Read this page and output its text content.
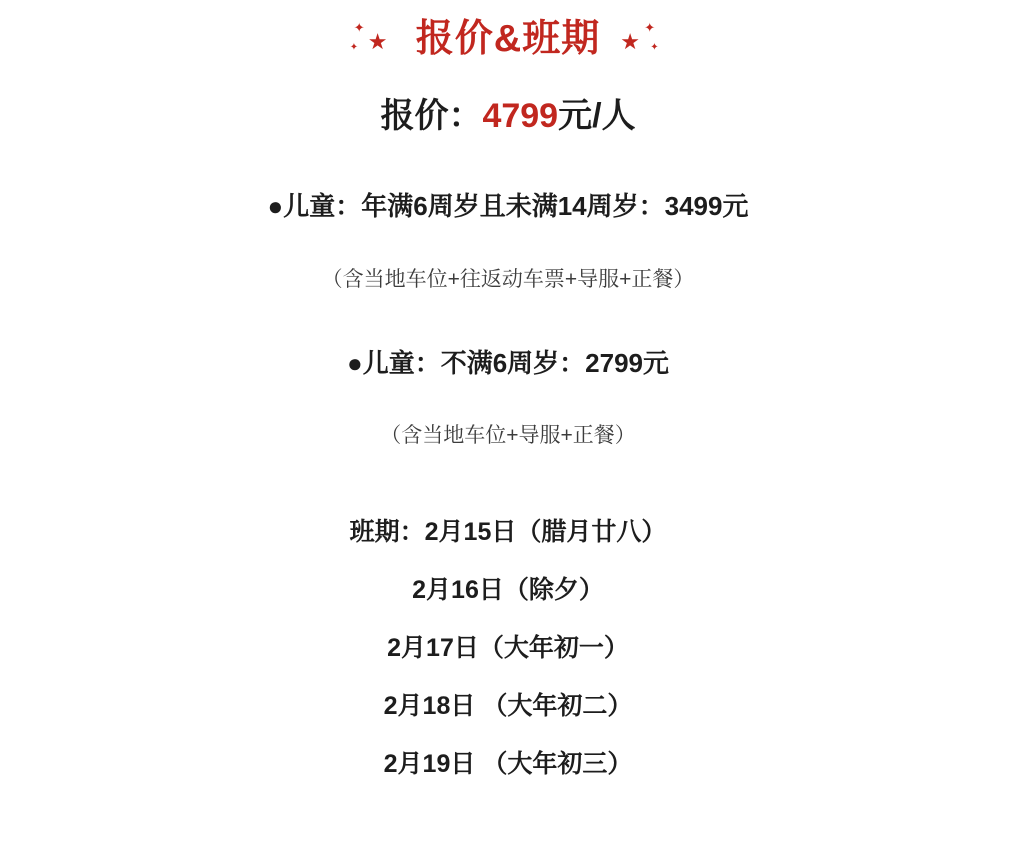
✦
★
✦ 报价&班期 ★
✦
✦
报价：4799元/人
●儿童：年满6周岁且未满14周岁：3499元
（含当地车位+往返动车票+导服+正餐）
●儿童：不满6周岁：2799元
（含当地车位+导服+正餐）
班期：2月15日（腊月廿八）
2月16日（除夕）
2月17日（大年初一）
2月18日 （大年初二）
2月19日 （大年初三）
